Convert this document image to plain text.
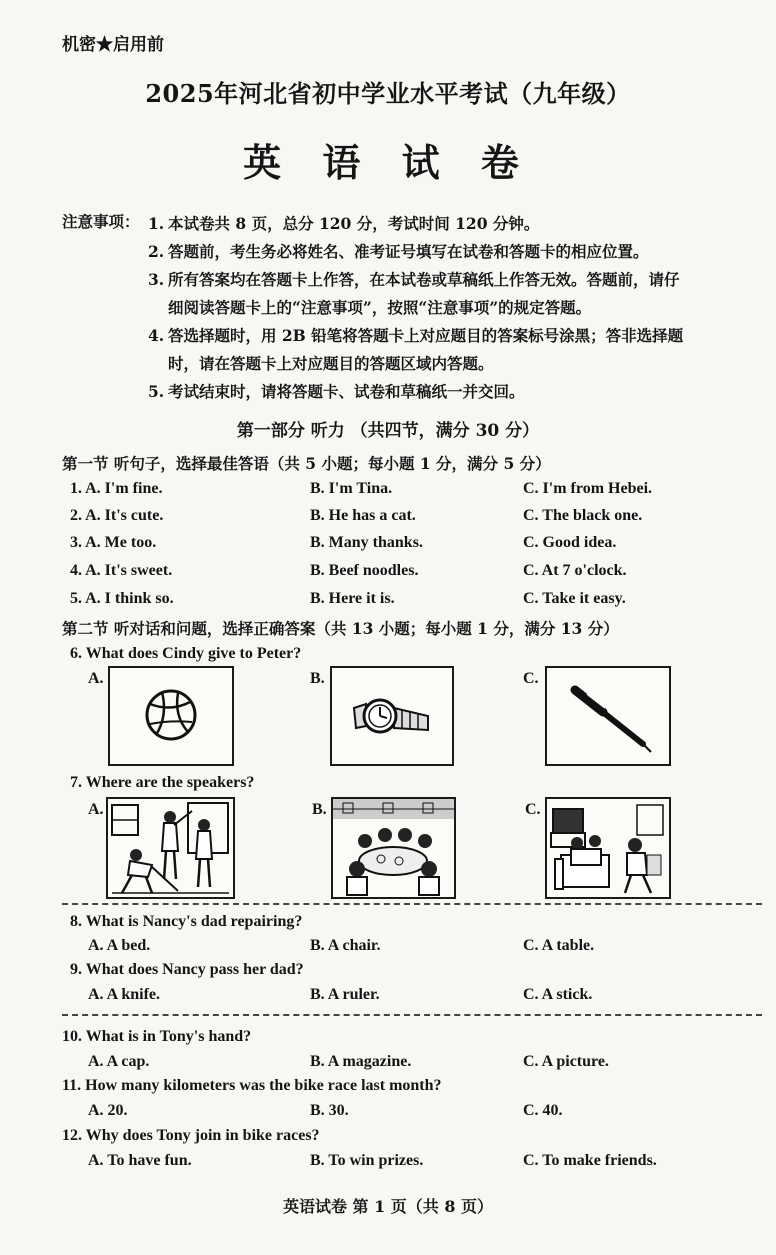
机密★启用前
2025年河北省初中学业水平考试（九年级）
英 语 试 卷
注意事项： 1. 本试卷共 8 页，总分 120 分，考试时间 120 分钟。
2. 答题前，考生务必将姓名、准考证号填写在试卷和答题卡的相应位置。
3. 所有答案均在答题卡上作答，在本试卷或草稿纸上作答无效。答题前，请仔
细阅读答题卡上的“注意事项”，按照“注意事项”的规定答题。
4. 答选择题时，用 2B 铅笔将答题卡上对应题目的答案标号涂黑；答非选择题
时，请在答题卡上对应题目的答题区域内答题。
5. 考试结束时，请将答题卡、试卷和草稿纸一并交回。
第一部分 听力 （共四节，满分 30 分）
第一节 听句子，选择最佳答语（共 5 小题；每小题 1 分，满分 5 分）
1. A. I'm fine.	B. I'm Tina.	C. I'm from Hebei.
2. A. It's cute.	B. He has a cat.	C. The black one.
3. A. Me too.	B. Many thanks.	C. Good idea.
4. A. It's sweet.	B. Beef noodles.	C. At 7 o'clock.
5. A. I think so.	B. Here it is.	C. Take it easy.
第二节 听对话和问题，选择正确答案（共 13 小题；每小题 1 分，满分 13 分）
6. What does Cindy give to Peter?
A.	B.	C.
7. Where are the speakers?
A.	B.	C.
8. What is Nancy's dad repairing?
A. A bed.	B. A chair.	C. A table.
9. What does Nancy pass her dad?
A. A knife.	B. A ruler.	C. A stick.
10. What is in Tony's hand?
A. A cap.	B. A magazine.	C. A picture.
11. How many kilometers was the bike race last month?
A. 20.	B. 30.	C. 40.
12. Why does Tony join in bike races?
A. To have fun.	B. To win prizes.	C. To make friends.
英语试卷 第 1 页（共 8 页）
